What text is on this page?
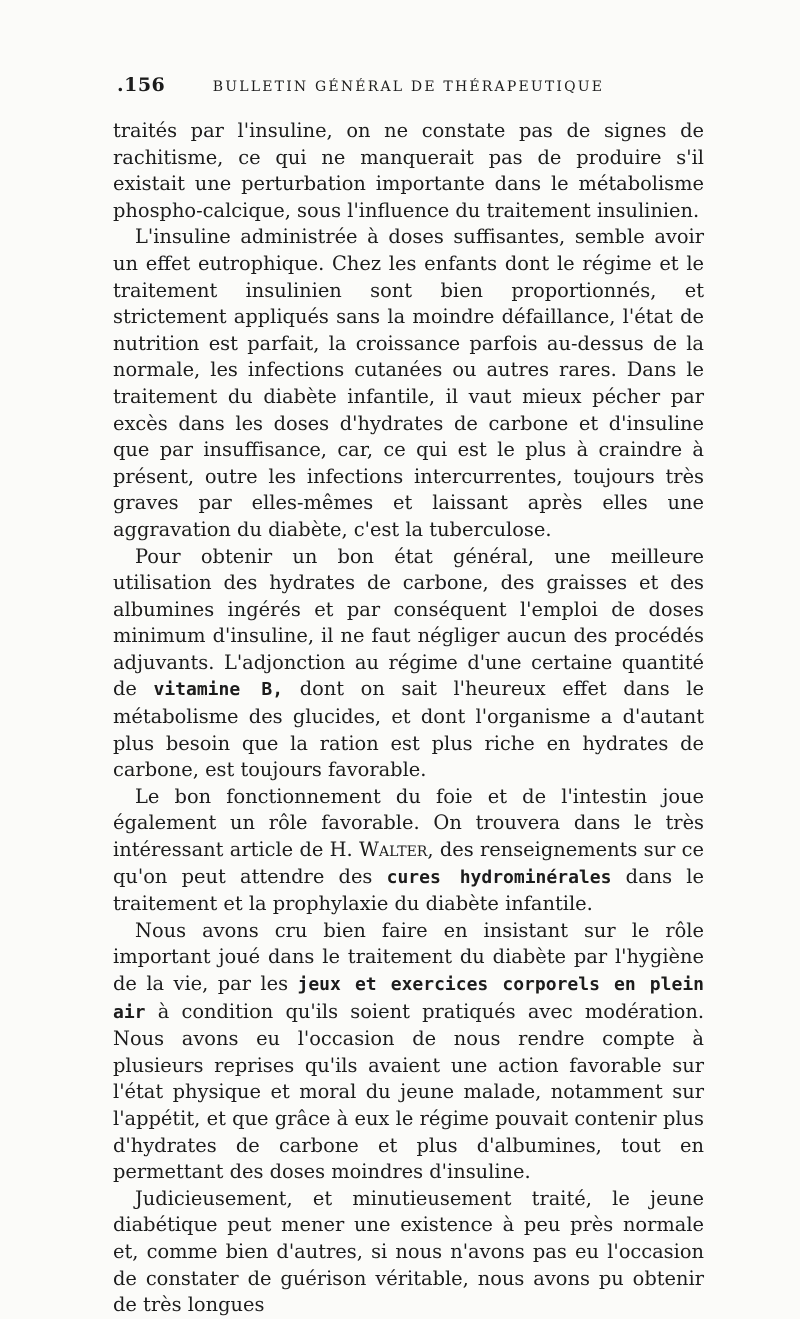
.156	BULLETIN GÉNÉRAL DE THÉRAPEUTIQUE

traités par l'insuline, on ne constate pas de signes de rachitisme, ce qui ne manquerait pas de produire s'il existait une perturbation importante dans le métabolisme phospho-calcique, sous l'influence du traitement insulinien.

L'insuline administrée à doses suffisantes, semble avoir un effet eutrophique. Chez les enfants dont le régime et le traitement insulinien sont bien proportionnés, et strictement appliqués sans la moindre défaillance, l'état de nutrition est parfait, la croissance parfois au-dessus de la normale, les infections cutanées ou autres rares. Dans le traitement du diabète infantile, il vaut mieux pécher par excès dans les doses d'hydrates de carbone et d'insuline que par insuffisance, car, ce qui est le plus à craindre à présent, outre les infections intercurrentes, toujours très graves par elles-mêmes et laissant après elles une aggravation du diabète, c'est la tuberculose.

Pour obtenir un bon état général, une meilleure utilisation des hydrates de carbone, des graisses et des albumines ingérés et par conséquent l'emploi de doses minimum d'insuline, il ne faut négliger aucun des procédés adjuvants. L'adjonction au régime d'une certaine quantité de vitamine B, dont on sait l'heureux effet dans le métabolisme des glucides, et dont l'organisme a d'autant plus besoin que la ration est plus riche en hydrates de carbone, est toujours favorable.

Le bon fonctionnement du foie et de l'intestin joue également un rôle favorable. On trouvera dans le très intéressant article de H. Walter, des renseignements sur ce qu'on peut attendre des cures hydrominérales dans le traitement et la prophylaxie du diabète infantile.

Nous avons cru bien faire en insistant sur le rôle important joué dans le traitement du diabète par l'hygiène de la vie, par les jeux et exercices corporels en plein air à condition qu'ils soient pratiqués avec modération. Nous avons eu l'occasion de nous rendre compte à plusieurs reprises qu'ils avaient une action favorable sur l'état physique et moral du jeune malade, notamment sur l'appétit, et que grâce à eux le régime pouvait contenir plus d'hydrates de carbone et plus d'albumines, tout en permettant des doses moindres d'insuline.

Judicieusement, et minutieusement traité, le jeune diabétique peut mener une existence à peu près normale et, comme bien d'autres, si nous n'avons pas eu l'occasion de constater de guérison véritable, nous avons pu obtenir de très longues
